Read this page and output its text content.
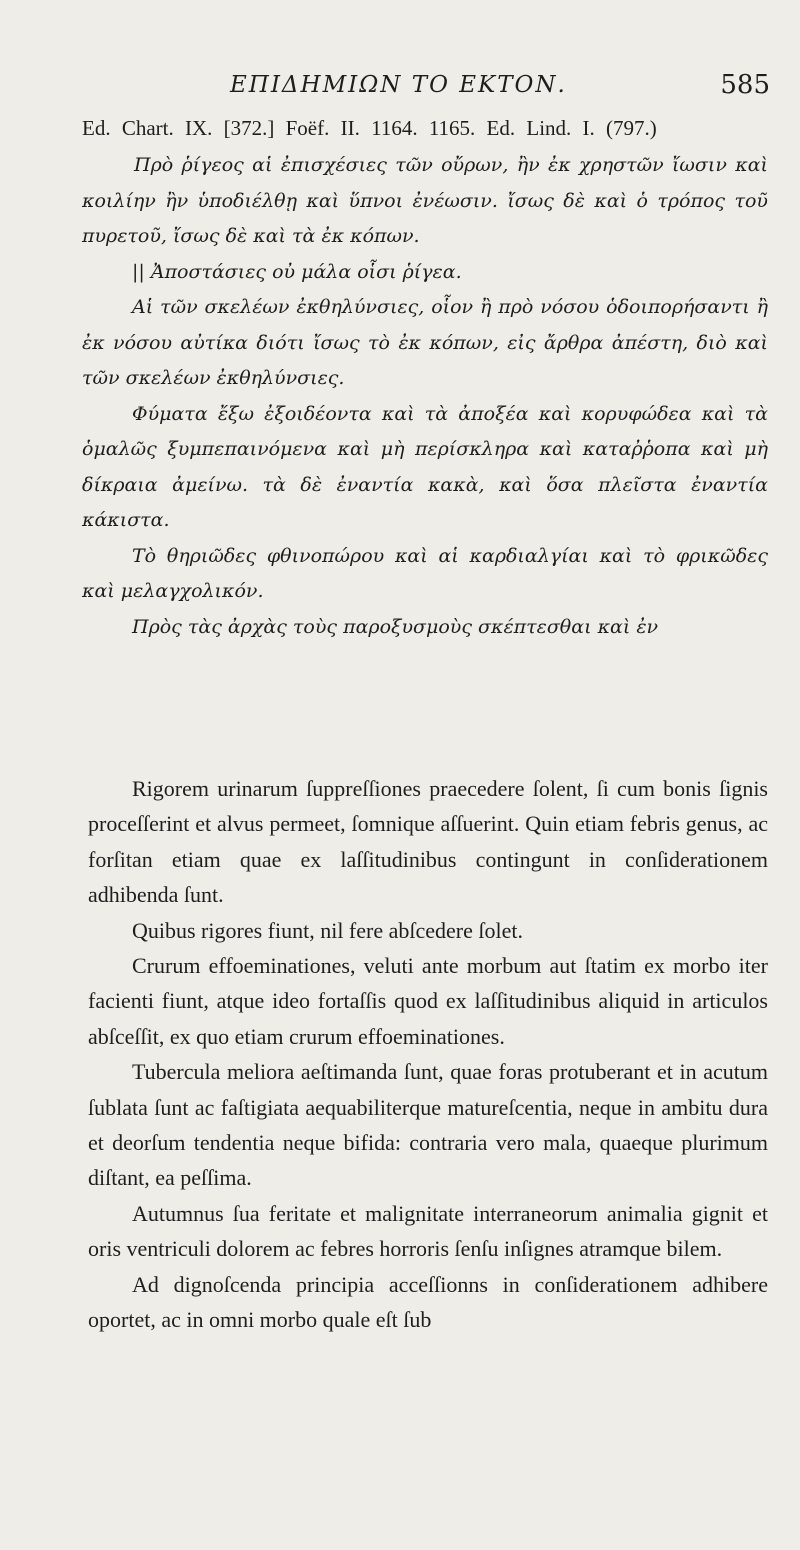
ΕΠΙΔΗΜΙΩΝ ΤΟ ΕΚΤΟΝ.	585
Ed. Chart. IX. [372.] Foëf. II. 1164. 1165. Ed. Lind. I. (797.)

Πρὸ ῥίγεος αἱ ἐπισχέσιες τῶν οὔρων, ἢν ἐκ χρηστῶν ἴωσιν καὶ κοιλίην ἢν ὑποδιέλθῃ καὶ ὕπνοι ἐνέωσιν. ἴσως δὲ καὶ ὁ τρόπος τοῦ πυρετοῦ, ἴσως δὲ καὶ τὰ ἐκ κόπων.

|| Ἀποστάσιες οὐ μάλα οἷσι ῥίγεα.

Αἱ τῶν σκελέων ἐκθηλύνσιες, οἷον ἢ πρὸ νόσου ὁδοιπορήσαντι ἢ ἐκ νόσου αὐτίκα διότι ἴσως τὸ ἐκ κόπων, εἰς ἄρθρα ἀπέστη, διὸ καὶ τῶν σκελέων ἐκθηλύνσιες.

Φύματα ἔξω ἐξοιδέοντα καὶ τὰ ἀποξέα καὶ κορυφώδεα καὶ τὰ ὁμαλῶς ξυμπεπαινόμενα καὶ μὴ περίσκληρα καὶ καταῤῥοπα καὶ μὴ δίκραια ἀμείνω. τὰ δὲ ἐναντία κακὰ, καὶ ὅσα πλεῖστα ἐναντία κάκιστα.

Τὸ θηριῶδες φθινοπώρου καὶ αἱ καρδιαλγίαι καὶ τὸ φρικῶδες καὶ μελαγχολικόν.

Πρὸς τὰς ἀρχὰς τοὺς παροξυσμοὺς σκέπτεσθαι καὶ ἐν

Rigorem urinarum ſuppreſſiones praecedere ſolent, ſi cum bonis ſignis proceſſerint et alvus permeet, ſomnique aſſuerint. Quin etiam febris genus, ac forſitan etiam quae ex laſſitudinibus contingunt in conſiderationem adhibenda ſunt.

Quibus rigores fiunt, nil fere abſcedere ſolet.

Crurum effoeminationes, veluti ante morbum aut ſtatim ex morbo iter facienti fiunt, atque ideo fortaſſis quod ex laſſitudinibus aliquid in articulos abſceſſit, ex quo etiam crurum effoeminationes.

Tubercula meliora aeſtimanda ſunt, quae foras protuberant et in acutum ſublata ſunt ac faſtigiata aequabiliterque matureſcentia, neque in ambitu dura et deorſum tendentia neque bifida: contraria vero mala, quaeque plurimum diſtant, ea peſſima.

Autumnus ſua feritate et malignitate interraneorum animalia gignit et oris ventriculi dolorem ac febres horroris ſenſu inſignes atramque bilem.

Ad dignoſcenda principia acceſſionns in conſiderationem adhibere oportet, ac in omni morbo quale eſt ſub
